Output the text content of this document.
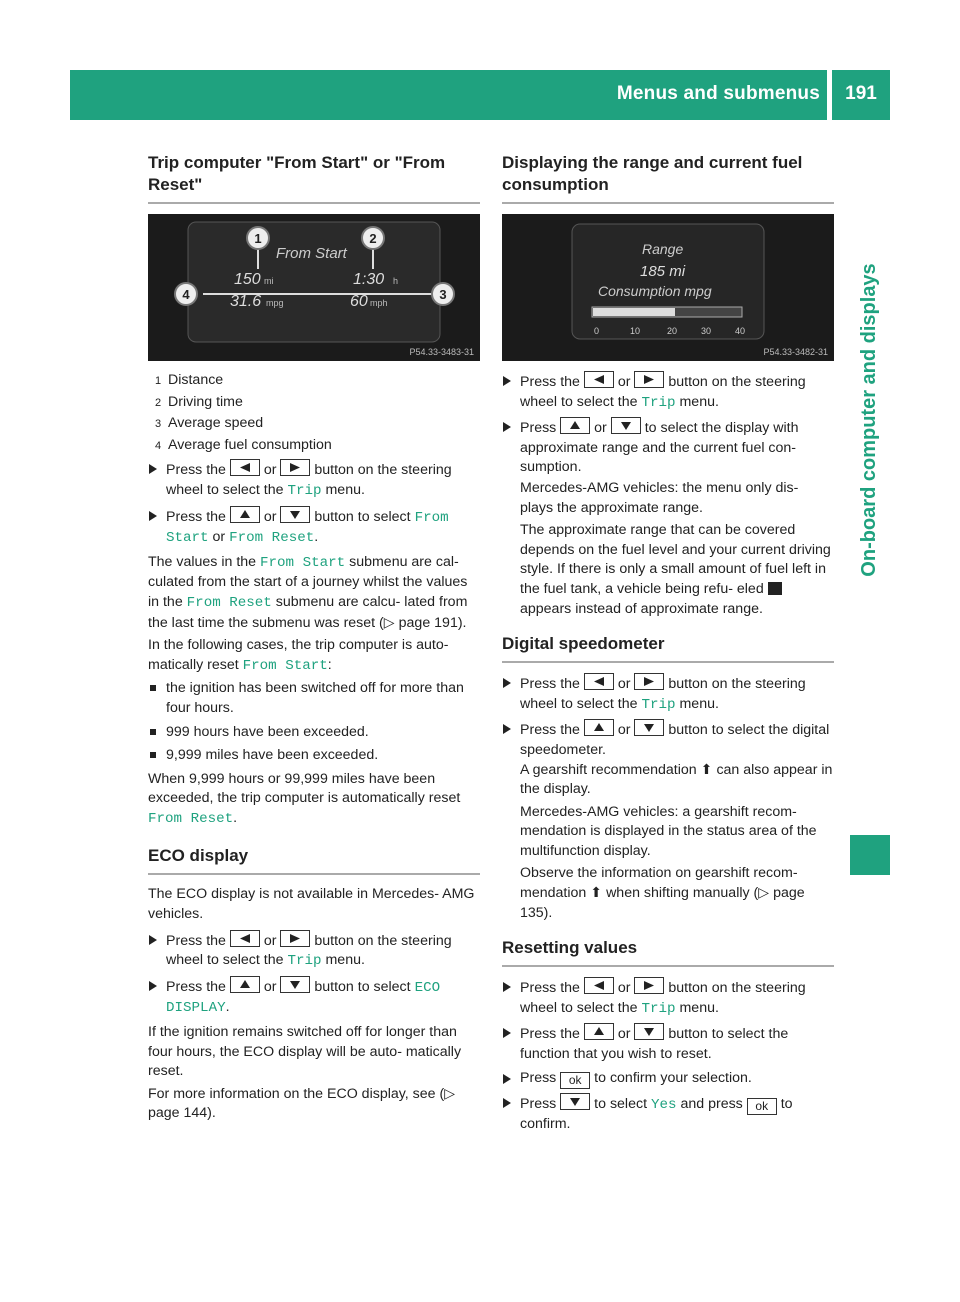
Menus and submenus	191
On-board computer and displays
Trip computer "From Start" or "From Reset"
1	2
4	3
From Start
150 mi	1:30 h
31.6 mpg	60 mph
P54.33-3483-31

1 Distance

2 Driving time

3 Average speed

4 Average fuel consumption

Press the	or	button on the steering wheel to select the Trip menu.
Press the	or	button to select From Start or From Reset.

The values in the From Start submenu are cal- culated from the start of a journey whilst the values in the From Reset submenu are calcu- lated from the last time the submenu was reset (▷ page 191).

In the following cases, the trip computer is auto- matically reset From Start:

the ignition has been switched off for more than four hours.
999 hours have been exceeded.
9,999 miles have been exceeded.

When 9,999 hours or 99,999 miles have been exceeded, the trip computer is automatically reset From Reset.

ECO display

The ECO display is not available in Mercedes- AMG vehicles.

Press the	or	button on the steering wheel to select the Trip menu.
Press the	or	button to select ECO DISPLAY.

If the ignition remains switched off for longer than four hours, the ECO display will be auto- matically reset.

For more information on the ECO display, see (▷ page 144).

Displaying the range and current fuel consumption
Range
185 mi
Consumption mpg
0	10	20	30	40
P54.33-3482-31
Press the	or	button on the steering wheel to select the Trip menu.
Press	or	to select the display with approximate range and the current fuel con- sumption.

Mercedes-AMG vehicles: the menu only dis- plays the approximate range.

The approximate range that can be covered depends on the fuel level and your current driving style. If there is only a small amount of fuel left in the fuel tank, a vehicle being refu- eled  appears instead of approximate range.

Digital speedometer
Press the	or	button on the steering wheel to select the Trip menu.
Press the	or	button to select the digital speedometer.

A gearshift recommendation ⬆ can also appear in the display.

Mercedes-AMG vehicles: a gearshift recom- mendation is displayed in the status area of the multifunction display.

Observe the information on gearshift recom- mendation ⬆ when shifting manually (▷ page 135).

Resetting values
Press the	or	button on the steering wheel to select the Trip menu.
Press the	or	button to select the function that you wish to reset.
Press ok to confirm your selection.
Press	to select Yes and press ok to confirm.
